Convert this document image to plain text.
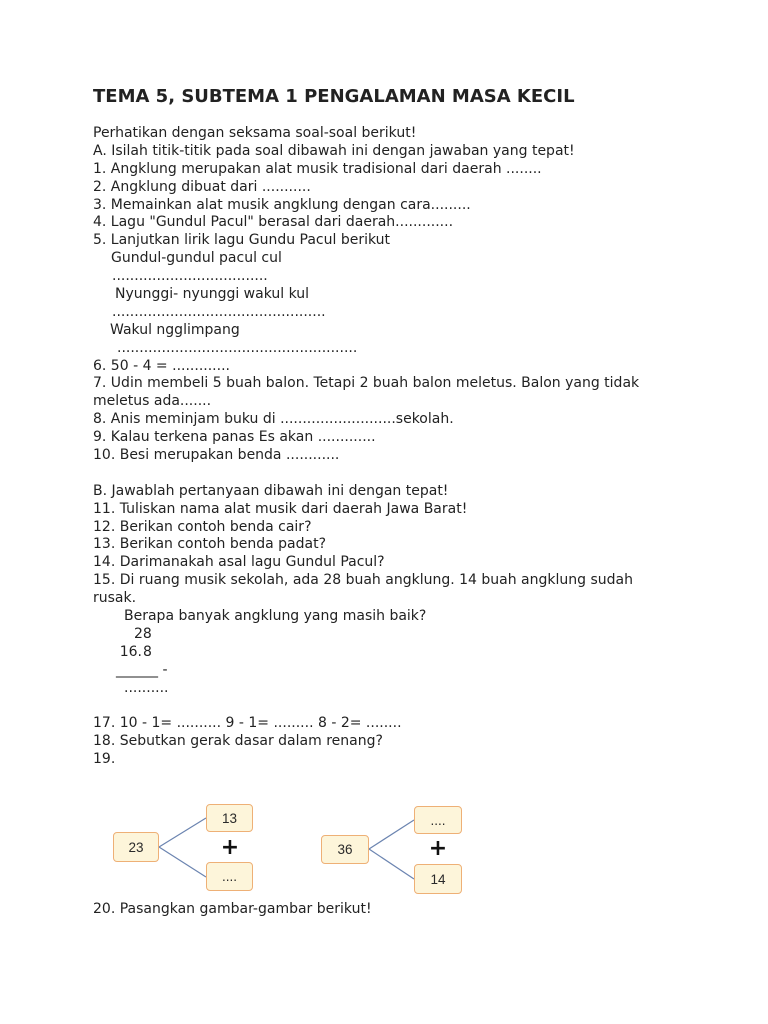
TEMA 5, SUBTEMA 1 PENGALAMAN MASA KECIL
Perhatikan dengan seksama soal-soal berikut!
A. Isilah titik-titik pada soal dibawah ini dengan jawaban yang tepat!
1. Angklung merupakan alat musik tradisional dari daerah ........
2. Angklung dibuat dari ...........
3. Memainkan alat musik angklung dengan cara.........
4. Lagu "Gundul Pacul" berasal dari daerah.............
5. Lanjutkan lirik lagu Gundu Pacul berikut
Gundul-gundul pacul cul
...................................
Nyunggi- nyunggi wakul kul
................................................
Wakul ngglimpang
......................................................
6. 50 - 4 = .............
7. Udin membeli 5 buah balon. Tetapi 2 buah balon meletus. Balon yang tidak
meletus ada.......
8. Anis meminjam buku di ..........................sekolah.
9. Kalau terkena panas Es akan .............
10. Besi merupakan benda ............
B. Jawablah pertanyaan dibawah ini dengan tepat!
11. Tuliskan nama alat musik dari daerah Jawa Barat!
12. Berikan contoh benda cair?
13. Berikan contoh benda padat?
14. Darimanakah asal lagu Gundul Pacul?
15. Di ruang musik sekolah, ada 28 buah angklung. 14 buah angklung sudah
rusak.
Berapa banyak angklung yang masih baik?

16.

28

8

______ -
..........
17. 10 - 1= .......... 9 - 1= ......... 8 - 2= ........
18. Sebutkan gerak dasar dalam renang?
19.
23
13
....
+	36
....
14
+
20. Pasangkan gambar-gambar berikut!
